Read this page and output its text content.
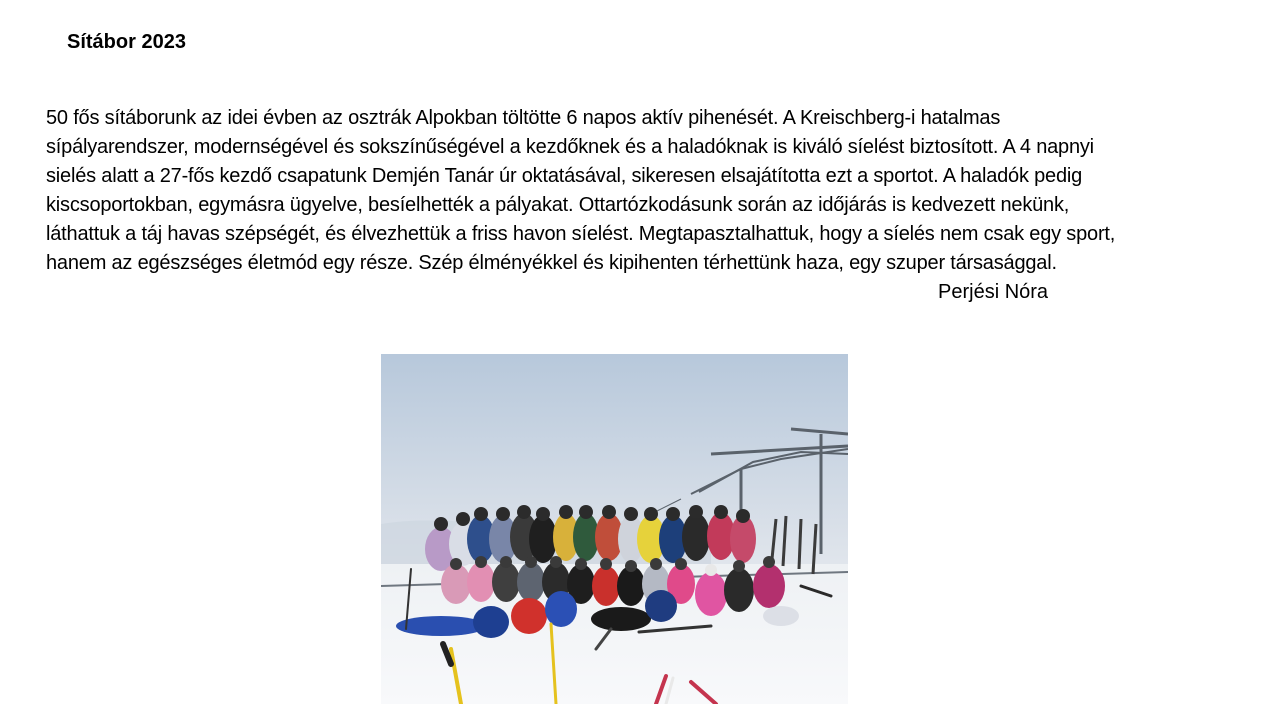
Sítábor 2023
50 fős sítáborunk az idei évben az osztrák Alpokban töltötte 6 napos aktív pihenését. A Kreischberg-i hatalmas
sípályarendszer, modernségével és sokszínűségével a kezdőknek és a haladóknak is kiváló síelést biztosított. A 4 napnyi
sielés alatt a 27-fős kezdő csapatunk Demjén Tanár úr oktatásával, sikeresen elsajátította ezt a sportot. A haladók pedig
kiscsoportokban, egymásra ügyelve, besíelhették a pályakat. Ottartózkodásunk során az időjárás is kedvezett nekünk,
láthattuk a táj havas szépségét, és élvezhettük a friss havon síelést. Megtapasztalhattuk, hogy a síelés nem csak egy sport,
hanem az egészséges életmód egy része. Szép élményékkel és kipihenten térhettünk haza, egy szuper társasággal.
Perjési Nóra
